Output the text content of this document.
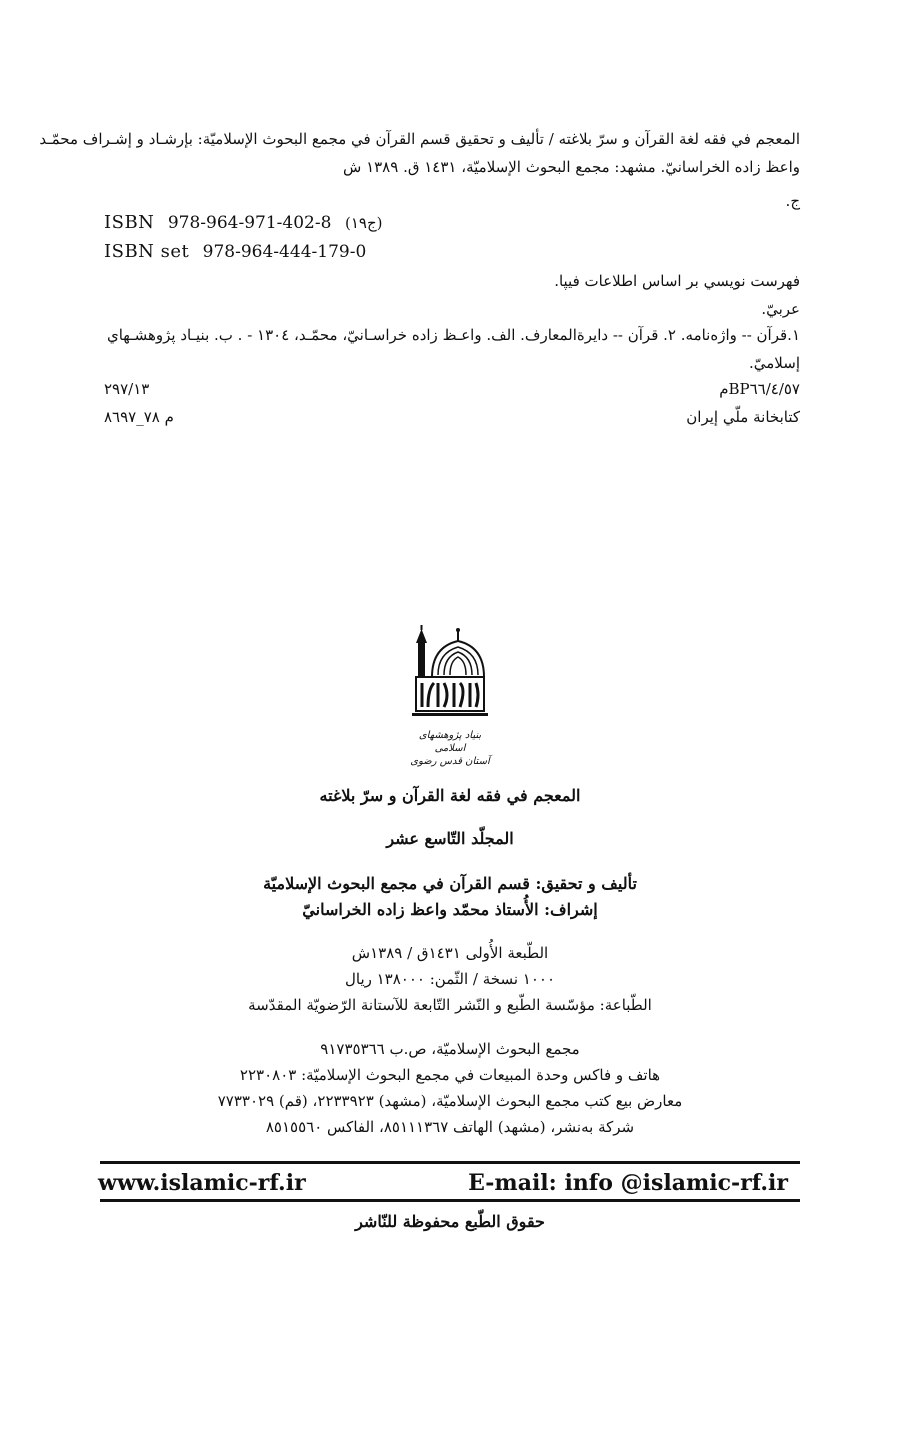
المعجم في فقه لغة القرآن و سرّ بلاغته / تأليف و تحقيق قسم القرآن في مجمع البحوث الإسلاميّة: بإرشـاد و إشـراف محمّـد
واعظ زاده الخراسانيّ. مشهد: مجمع البحوث الإسلاميّة، ١٤٣١ ق. ١٣٨٩ ش
ج.
ISBN 978-964-971-402-8 (ج١٩)
ISBN set 978-964-444-179-0
فهرست نويسي بر اساس اطلاعات فيپا.
عربيّ.
١.قرآن -- واژه‌نامه. ٢. قرآن -- دايرة‌المعارف. الف. واعـظ زاده خراسـانيّ، محمّـد، ١٣٠٤ - . ب. بنيـاد پژوهشـهاي
إسلاميّ.
BP٦٦/٤/٥٧م
٢٩٧/١٣
كتابخانة ملّي إيران
م ٧٨_٨٦٩٧
بنياد پژوهشهاى اسلامى
آستان قدس رضوى
المعجم في فقه لغة القرآن و سرّ بلاغته
المجلّد التّاسع عشر
تأليف و تحقيق: قسم القرآن في مجمع البحوث الإسلاميّة
إشراف: الأُستاذ محمّد واعظ زاده الخراسانيّ
الطّبعة الأُولى ١٤٣١ق / ١٣٨٩ش
١٠٠٠ نسخة / الثّمن: ١٣٨٠٠٠ ريال
الطّباعة: مؤسّسة الطّبع و النّشر التّابعة للآستانة الرّضويّة المقدّسة
مجمع البحوث الإسلاميّة، ص.ب ٩١٧٣٥٣٦٦
هاتف و فاكس وحدة المبيعات في مجمع البحوث الإسلاميّة: ٢٢٣٠٨٠٣
معارض بيع كتب مجمع البحوث الإسلاميّة، (مشهد) ٢٢٣٣٩٢٣، (قم) ٧٧٣٣٠٢٩
شركة به‌نشر، (مشهد) الهاتف ٨٥١١١٣٦٧، الفاكس ٨٥١٥٥٦٠
www.islamic-rf.ir	E-mail: info @islamic-rf.ir
حقوق الطّبع محفوظة للنّاشر
